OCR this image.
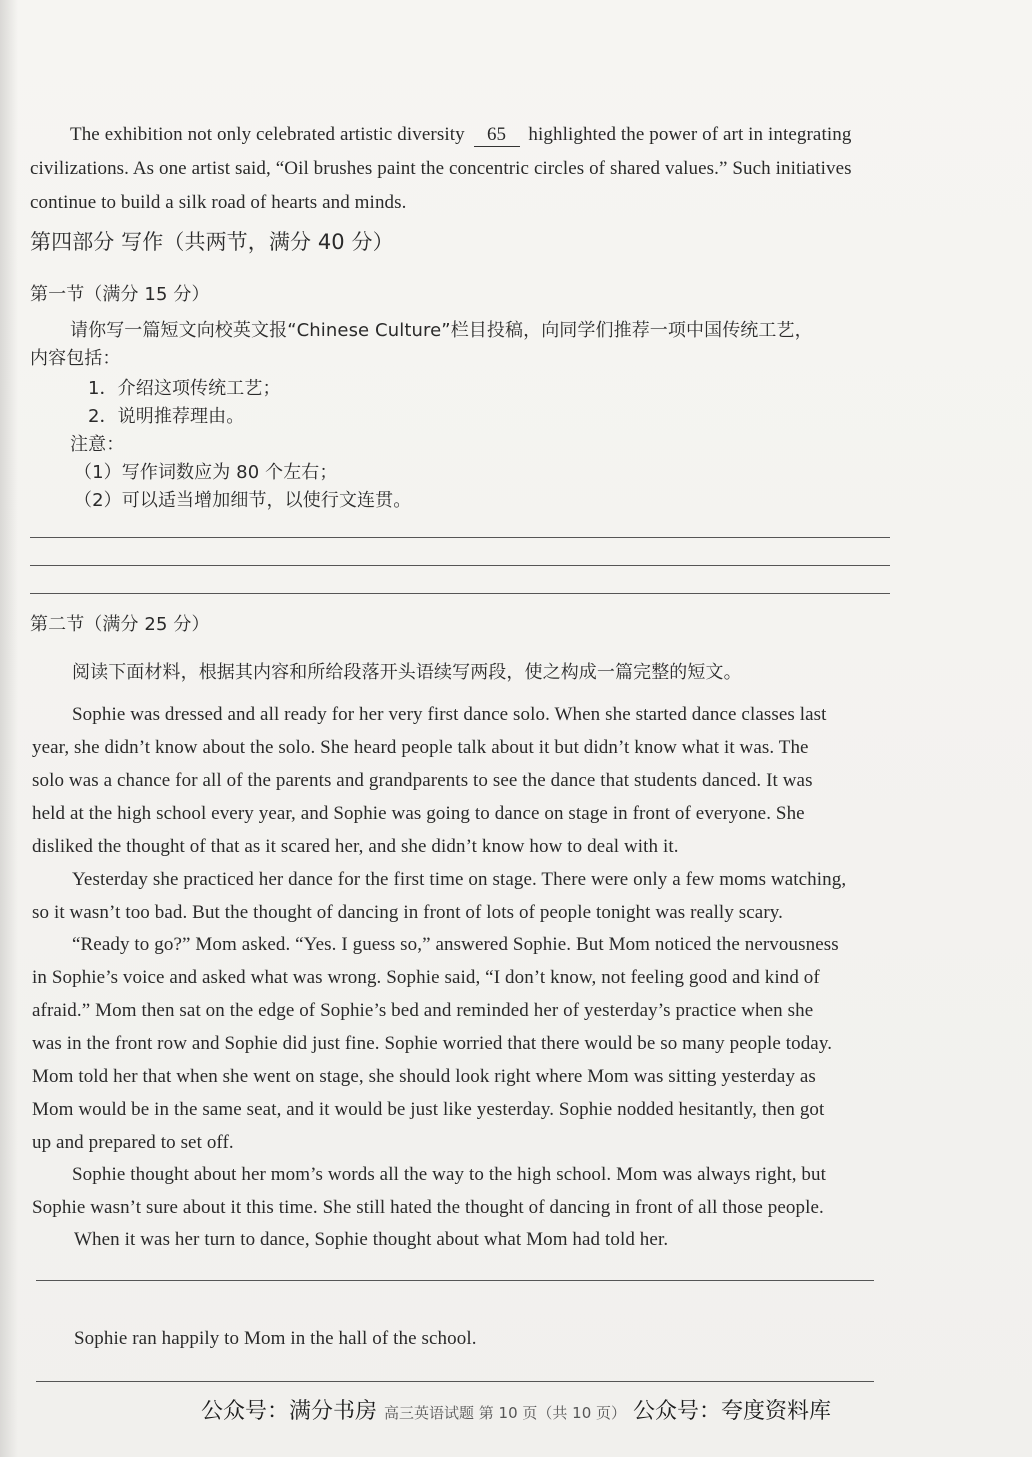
The exhibition not only celebrated artistic diversity 65 highlighted the power of art in integrating
civilizations. As one artist said, “Oil brushes paint the concentric circles of shared values.” Such initiatives
continue to build a silk road of hearts and minds.
第四部分 写作（共两节，满分 40 分）
第一节（满分 15 分）
请你写一篇短文向校英文报“Chinese Culture”栏目投稿，向同学们推荐一项中国传统工艺，
内容包括：
1．介绍这项传统工艺；
2．说明推荐理由。
注意：
（1）写作词数应为 80 个左右；
（2）可以适当增加细节，以使行文连贯。
第二节（满分 25 分）
阅读下面材料，根据其内容和所给段落开头语续写两段，使之构成一篇完整的短文。
Sophie was dressed and all ready for her very first dance solo. When she started dance classes last
year, she didn’t know about the solo. She heard people talk about it but didn’t know what it was. The
solo was a chance for all of the parents and grandparents to see the dance that students danced. It was
held at the high school every year, and Sophie was going to dance on stage in front of everyone. She
disliked the thought of that as it scared her, and she didn’t know how to deal with it.
Yesterday she practiced her dance for the first time on stage. There were only a few moms watching,
so it wasn’t too bad. But the thought of dancing in front of lots of people tonight was really scary.
“Ready to go?” Mom asked. “Yes. I guess so,” answered Sophie. But Mom noticed the nervousness
in Sophie’s voice and asked what was wrong. Sophie said, “I don’t know, not feeling good and kind of
afraid.” Mom then sat on the edge of Sophie’s bed and reminded her of yesterday’s practice when she
was in the front row and Sophie did just fine. Sophie worried that there would be so many people today.
Mom told her that when she went on stage, she should look right where Mom was sitting yesterday as
Mom would be in the same seat, and it would be just like yesterday. Sophie nodded hesitantly, then got
up and prepared to set off.
Sophie thought about her mom’s words all the way to the high school. Mom was always right, but
Sophie wasn’t sure about it this time. She still hated the thought of dancing in front of all those people.
When it was her turn to dance, Sophie thought about what Mom had told her.
Sophie ran happily to Mom in the hall of the school.
公众号：满分书房 高三英语试题 第 10 页（共 10 页） 公众号：夸度资料库
